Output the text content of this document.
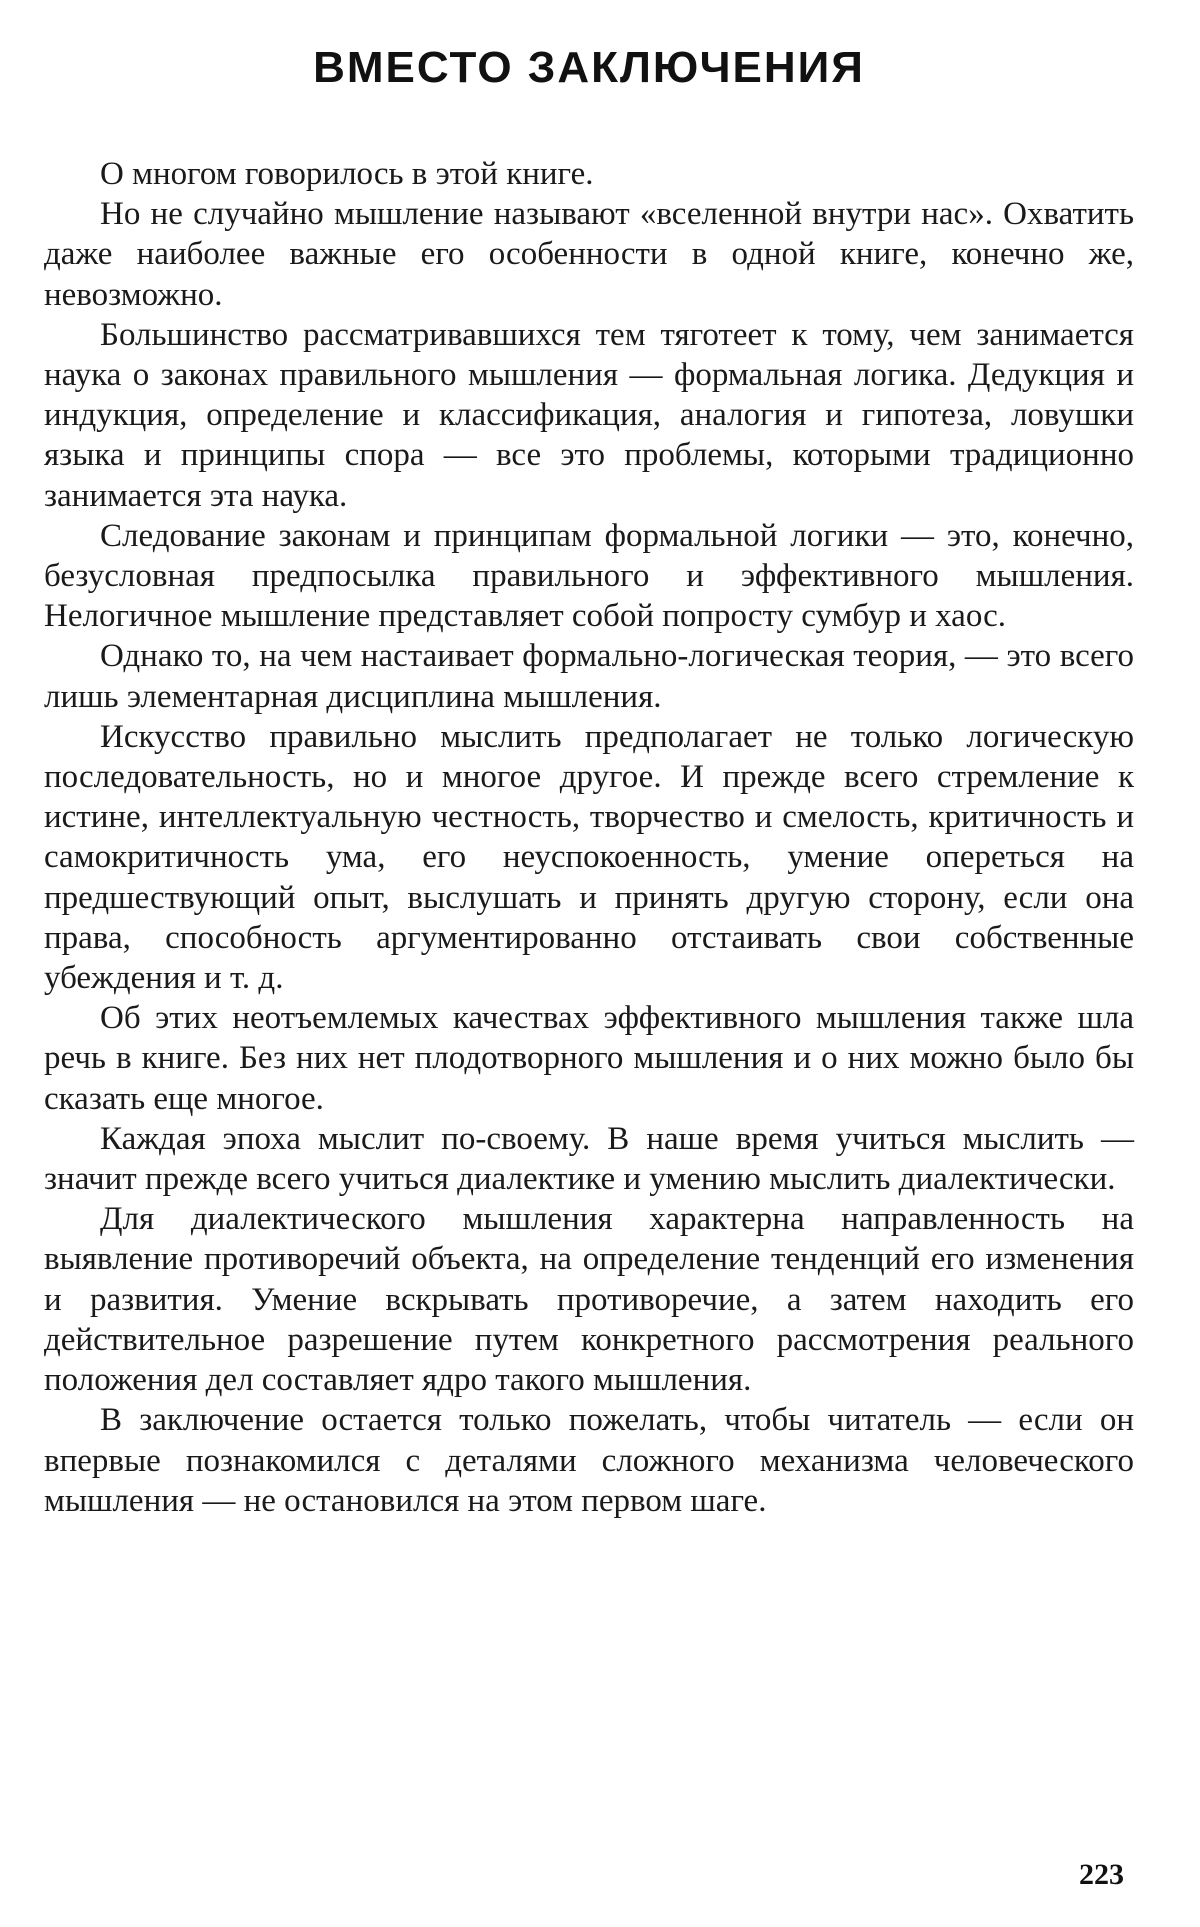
ВМЕСТО ЗАКЛЮЧЕНИЯ

О многом говорилось в этой книге.

Но не случайно мышление называют «вселенной внутри нас». Охватить даже наиболее важные его особенности в одной книге, конечно же, невозможно.

Большинство рассматривавшихся тем тяготеет к тому, чем занимается наука о законах правильного мышления — формальная логика. Дедукция и индукция, определение и классификация, аналогия и гипотеза, ловушки языка и принципы спора — все это проблемы, которыми традиционно занимается эта наука.

Следование законам и принципам формальной логики — это, конечно, безусловная предпосылка правильного и эффективного мышления. Нелогичное мышление представляет собой попросту сумбур и хаос.

Однако то, на чем настаивает формально-логическая теория, — это всего лишь элементарная дисциплина мышления.

Искусство правильно мыслить предполагает не только логическую последовательность, но и многое другое. И прежде всего стремление к истине, интеллектуальную честность, творчество и смелость, критичность и самокритичность ума, его неуспокоенность, умение опереться на предшествующий опыт, выслушать и принять другую сторону, если она права, способность аргументированно отстаивать свои собственные убеждения и т. д.

Об этих неотъемлемых качествах эффективного мышления также шла речь в книге. Без них нет плодотворного мышления и о них можно было бы сказать еще многое.

Каждая эпоха мыслит по-своему. В наше время учиться мыслить — значит прежде всего учиться диалектике и умению мыслить диалектически.

Для диалектического мышления характерна направленность на выявление противоречий объекта, на определение тенденций его изменения и развития. Умение вскрывать противоречие, а затем находить его действительное разрешение путем конкретного рассмотрения реального положения дел составляет ядро такого мышления.

В заключение остается только пожелать, чтобы читатель — если он впервые познакомился с деталями сложного механизма человеческого мышления — не остановился на этом первом шаге.

223
